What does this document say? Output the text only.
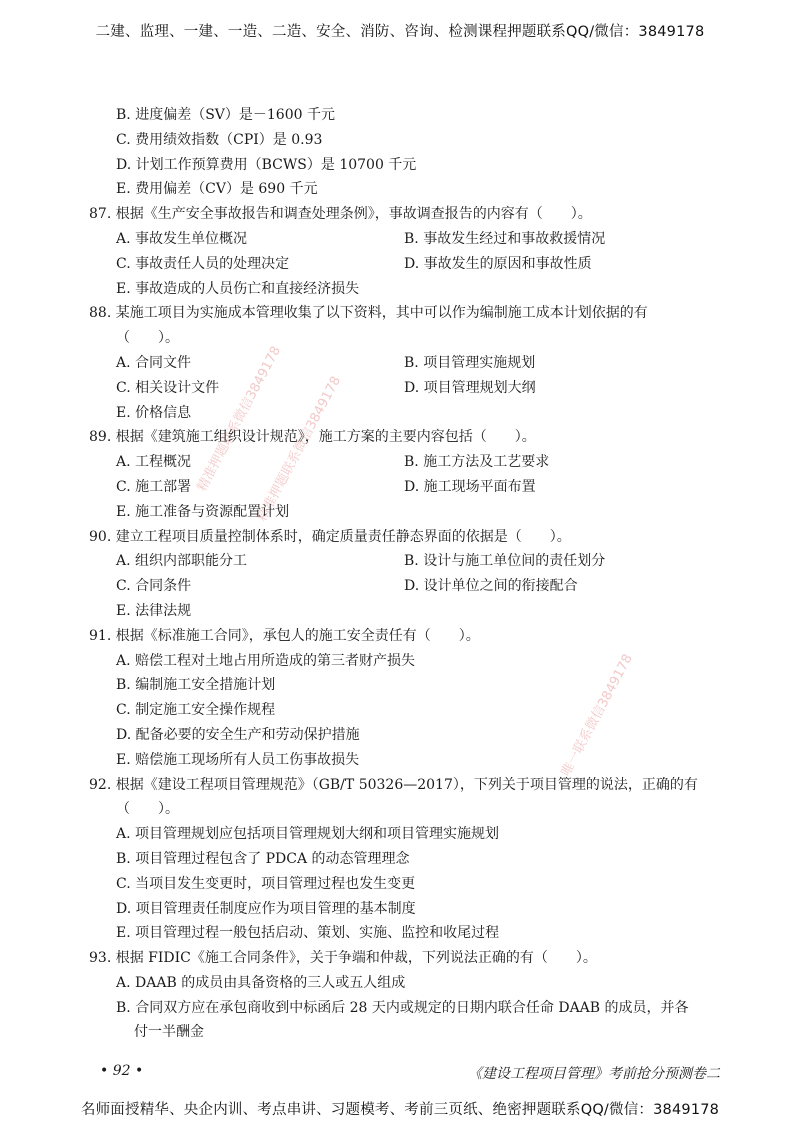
二建、监理、一建、一造、二造、安全、消防、咨询、检测课程押题联系QQ/微信：3849178
精准押题联系微信3849178
精准押题联系微信3849178
唯一联系微信3849178
B. 进度偏差（SV）是－1600 千元
C. 费用绩效指数（CPI）是 0.93
D. 计划工作预算费用（BCWS）是 10700 千元
E. 费用偏差（CV）是 690 千元
87. 根据《生产安全事故报告和调查处理条例》，事故调查报告的内容有（　　）。
A. 事故发生单位概况	B. 事故发生经过和事故救援情况
C. 事故责任人员的处理决定	D. 事故发生的原因和事故性质
E. 事故造成的人员伤亡和直接经济损失
88. 某施工项目为实施成本管理收集了以下资料，其中可以作为编制施工成本计划依据的有
（　　）。
A. 合同文件	B. 项目管理实施规划
C. 相关设计文件	D. 项目管理规划大纲
E. 价格信息
89. 根据《建筑施工组织设计规范》，施工方案的主要内容包括（　　）。
A. 工程概况	B. 施工方法及工艺要求
C. 施工部署	D. 施工现场平面布置
E. 施工准备与资源配置计划
90. 建立工程项目质量控制体系时，确定质量责任静态界面的依据是（　　）。
A. 组织内部职能分工	B. 设计与施工单位间的责任划分
C. 合同条件	D. 设计单位之间的衔接配合
E. 法律法规
91. 根据《标准施工合同》，承包人的施工安全责任有（　　）。
A. 赔偿工程对土地占用所造成的第三者财产损失
B. 编制施工安全措施计划
C. 制定施工安全操作规程
D. 配备必要的安全生产和劳动保护措施
E. 赔偿施工现场所有人员工伤事故损失
92. 根据《建设工程项目管理规范》（GB/T 50326—2017），下列关于项目管理的说法，正确的有
（　　）。
A. 项目管理规划应包括项目管理规划大纲和项目管理实施规划
B. 项目管理过程包含了 PDCA 的动态管理理念
C. 当项目发生变更时，项目管理过程也发生变更
D. 项目管理责任制度应作为项目管理的基本制度
E. 项目管理过程一般包括启动、策划、实施、监控和收尾过程
93. 根据 FIDIC《施工合同条件》，关于争端和仲裁，下列说法正确的有（　　）。
A. DAAB 的成员由具备资格的三人或五人组成
B. 合同双方应在承包商收到中标函后 28 天内或规定的日期内联合任命 DAAB 的成员，并各
付一半酬金
• 92 •	《建设工程项目管理》考前抢分预测卷二
名师面授精华、央企内训、考点串讲、习题模考、考前三页纸、绝密押题联系QQ/微信：3849178
